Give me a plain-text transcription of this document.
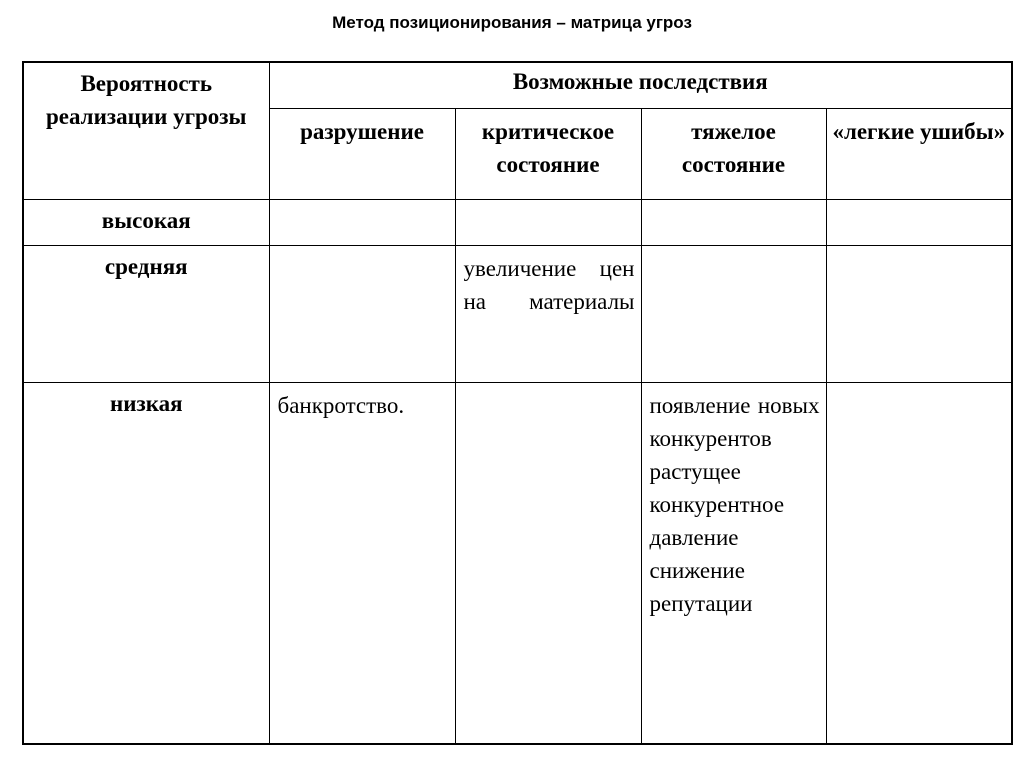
Метод позиционирования – матрица угроз
Вероятность реализации угрозы	Возможные последствия			
	разрушение	критическое состояние	тяжелое состояние	«легкие ушибы»
высокая				
средняя		увеличение цен на материалы		
низкая	банкротство.		появление новых конкурентов растущее конкурентное давление снижение репутации	
